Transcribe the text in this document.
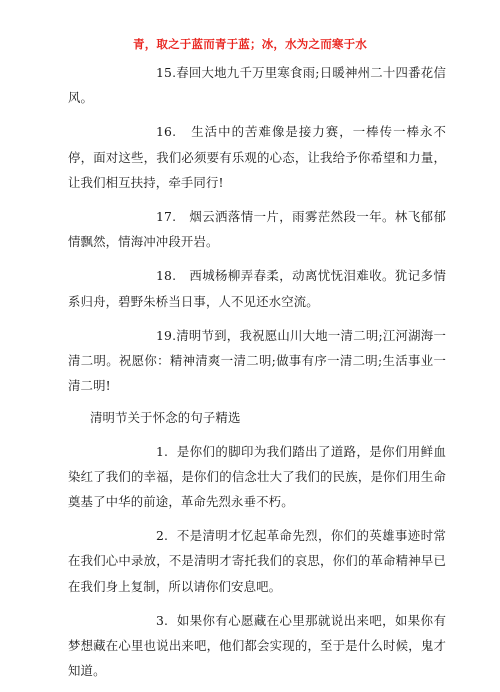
青，取之于蓝而青于蓝；冰，水为之而寒于水

15.春回大地九千万里寒食雨;日暖神州二十四番花信风。

16. 生活中的苦难像是接力赛，一棒传一棒永不停，面对这些，我们必须要有乐观的心态，让我给予你希望和力量，让我们相互扶持，牵手同行!

17. 烟云洒落情一片，雨雾茫然段一年。林飞郁郁情飘然，情海冲冲段开岩。

18. 西城杨柳弄春柔，动离忧怃泪难收。犹记多情系归舟，碧野朱桥当日事，人不见还水空流。

19.清明节到，我祝愿山川大地一清二明;江河湖海一清二明。祝愿你：精神清爽一清二明;做事有序一清二明;生活事业一清二明!

清明节关于怀念的句子精选

1. 是你们的脚印为我们踏出了道路，是你们用鲜血染红了我们的幸福，是你们的信念壮大了我们的民族，是你们用生命奠基了中华的前途，革命先烈永垂不朽。

2. 不是清明才忆起革命先烈，你们的英雄事迹时常在我们心中录放，不是清明才寄托我们的哀思，你们的革命精神早已在我们身上复制，所以请你们安息吧。

3. 如果你有心愿藏在心里那就说出来吧，如果你有梦想藏在心里也说出来吧，他们都会实现的，至于是什么时候，鬼才知道。
